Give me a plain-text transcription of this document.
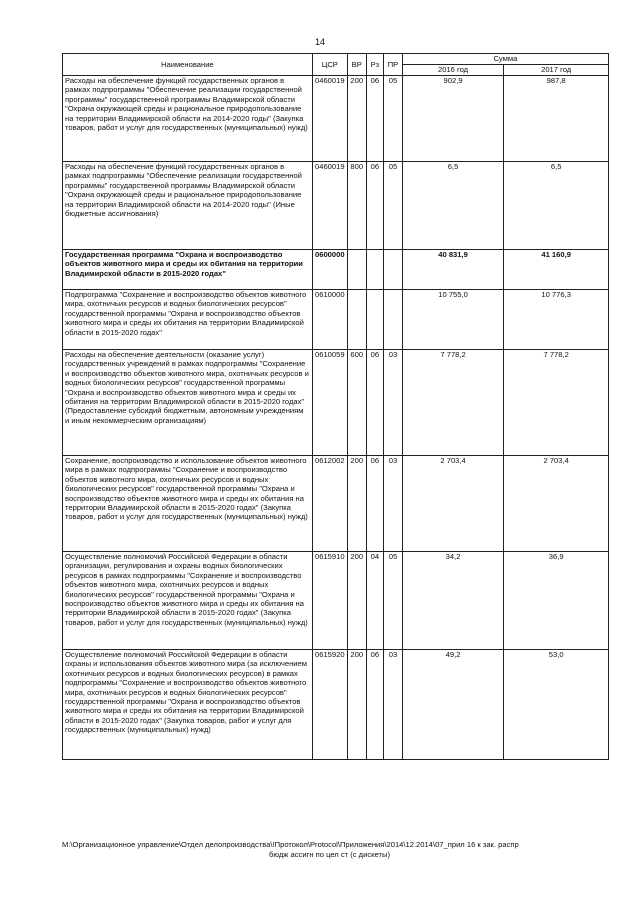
14
Наименование	ЦСР	ВР	Рз	ПР	Сумма	
					2016 год	2017 год
Расходы на обеспечение функций государственных органов в рамках подпрограммы "Обеспечение реализации государственной программы" государственной программы Владимирской области "Охрана окружающей среды и рациональное природопользование на территории Владимирской области на 2014-2020 годы" (Закупка товаров, работ и услуг для государственных (муниципальных) нужд)	0460019	200	06	05	902,9	987,8
Расходы на обеспечение функций государственных органов в рамках подпрограммы "Обеспечение реализации государственной программы" государственной программы Владимирской области "Охрана окружающей среды и рациональное природопользование на территории Владимирской области на 2014-2020 годы" (Иные бюджетные ассигнования)	0460019	800	06	05	6,5	6,5
Государственная программа "Охрана и воспроизводство объектов животного мира и среды их обитания на территории Владимирской области в 2015-2020 годах"	0600000				40 831,9	41 160,9
Подпрограмма "Сохранение и воспроизводство объектов животного мира, охотничьих ресурсов и водных биологических ресурсов" государственной программы "Охрана и воспроизводство объектов животного мира и среды их обитания на территории Владимирской области в 2015-2020 годах"	0610000				10 755,0	10 776,3
Расходы на обеспечение деятельности (оказание услуг) государственных учреждений в рамках подпрограммы "Сохранение и воспроизводство объектов животного мира, охотничьих ресурсов и водных биологических ресурсов" государственной программы "Охрана и воспроизводство объектов животного мира и среды их обитания на территории Владимирской области в 2015-2020 годах" (Предоставление субсидий бюджетным, автономным учреждениям и иным некоммерческим организациям)	0610059	600	06	03	7 778,2	7 778,2
Сохранение, воспроизводство и использование объектов животного мира в рамках подпрограммы "Сохранение и воспроизводство объектов животного мира, охотничьих ресурсов и водных биологических ресурсов" государственной программы "Охрана и воспроизводство объектов животного мира и среды их обитания на территории Владимирской области в 2015-2020 годах" (Закупка товаров, работ и услуг для государственных (муниципальных) нужд)	0612002	200	06	03	2 703,4	2 703,4
Осуществление полномочий Российской Федерации в области организации, регулирования и охраны водных биологических ресурсов в рамках подпрограммы "Сохранение и воспроизводство объектов животного мира, охотничьих ресурсов и водных биологических ресурсов" государственной программы "Охрана и воспроизводство объектов животного мира и среды их обитания на территории Владимирской области в 2015-2020 годах" (Закупка товаров, работ и услуг для государственных (муниципальных) нужд)	0615910	200	04	05	34,2	36,9
Осуществление полномочий Российской Федерации в области охраны и использования объектов животного мира (за исключением охотничьих ресурсов и водных биологических ресурсов) в рамках подпрограммы "Сохранение и воспроизводство объектов животного мира, охотничьих ресурсов и водных биологических ресурсов" государственной программы "Охрана и воспроизводство объектов животного мира и среды их обитания на территории Владимирской области в 2015-2020 годах" (Закупка товаров, работ и услуг для государственных (муниципальных) нужд)	0615920	200	06	03	49,2	53,0
M:\Организационное управление\Отдел делопроизводства\!Протокол\Protocol\Приложения\2014\12.2014\07_прил 16 к зак. распр
бюдж ассигн по цел ст (с дискеты)
